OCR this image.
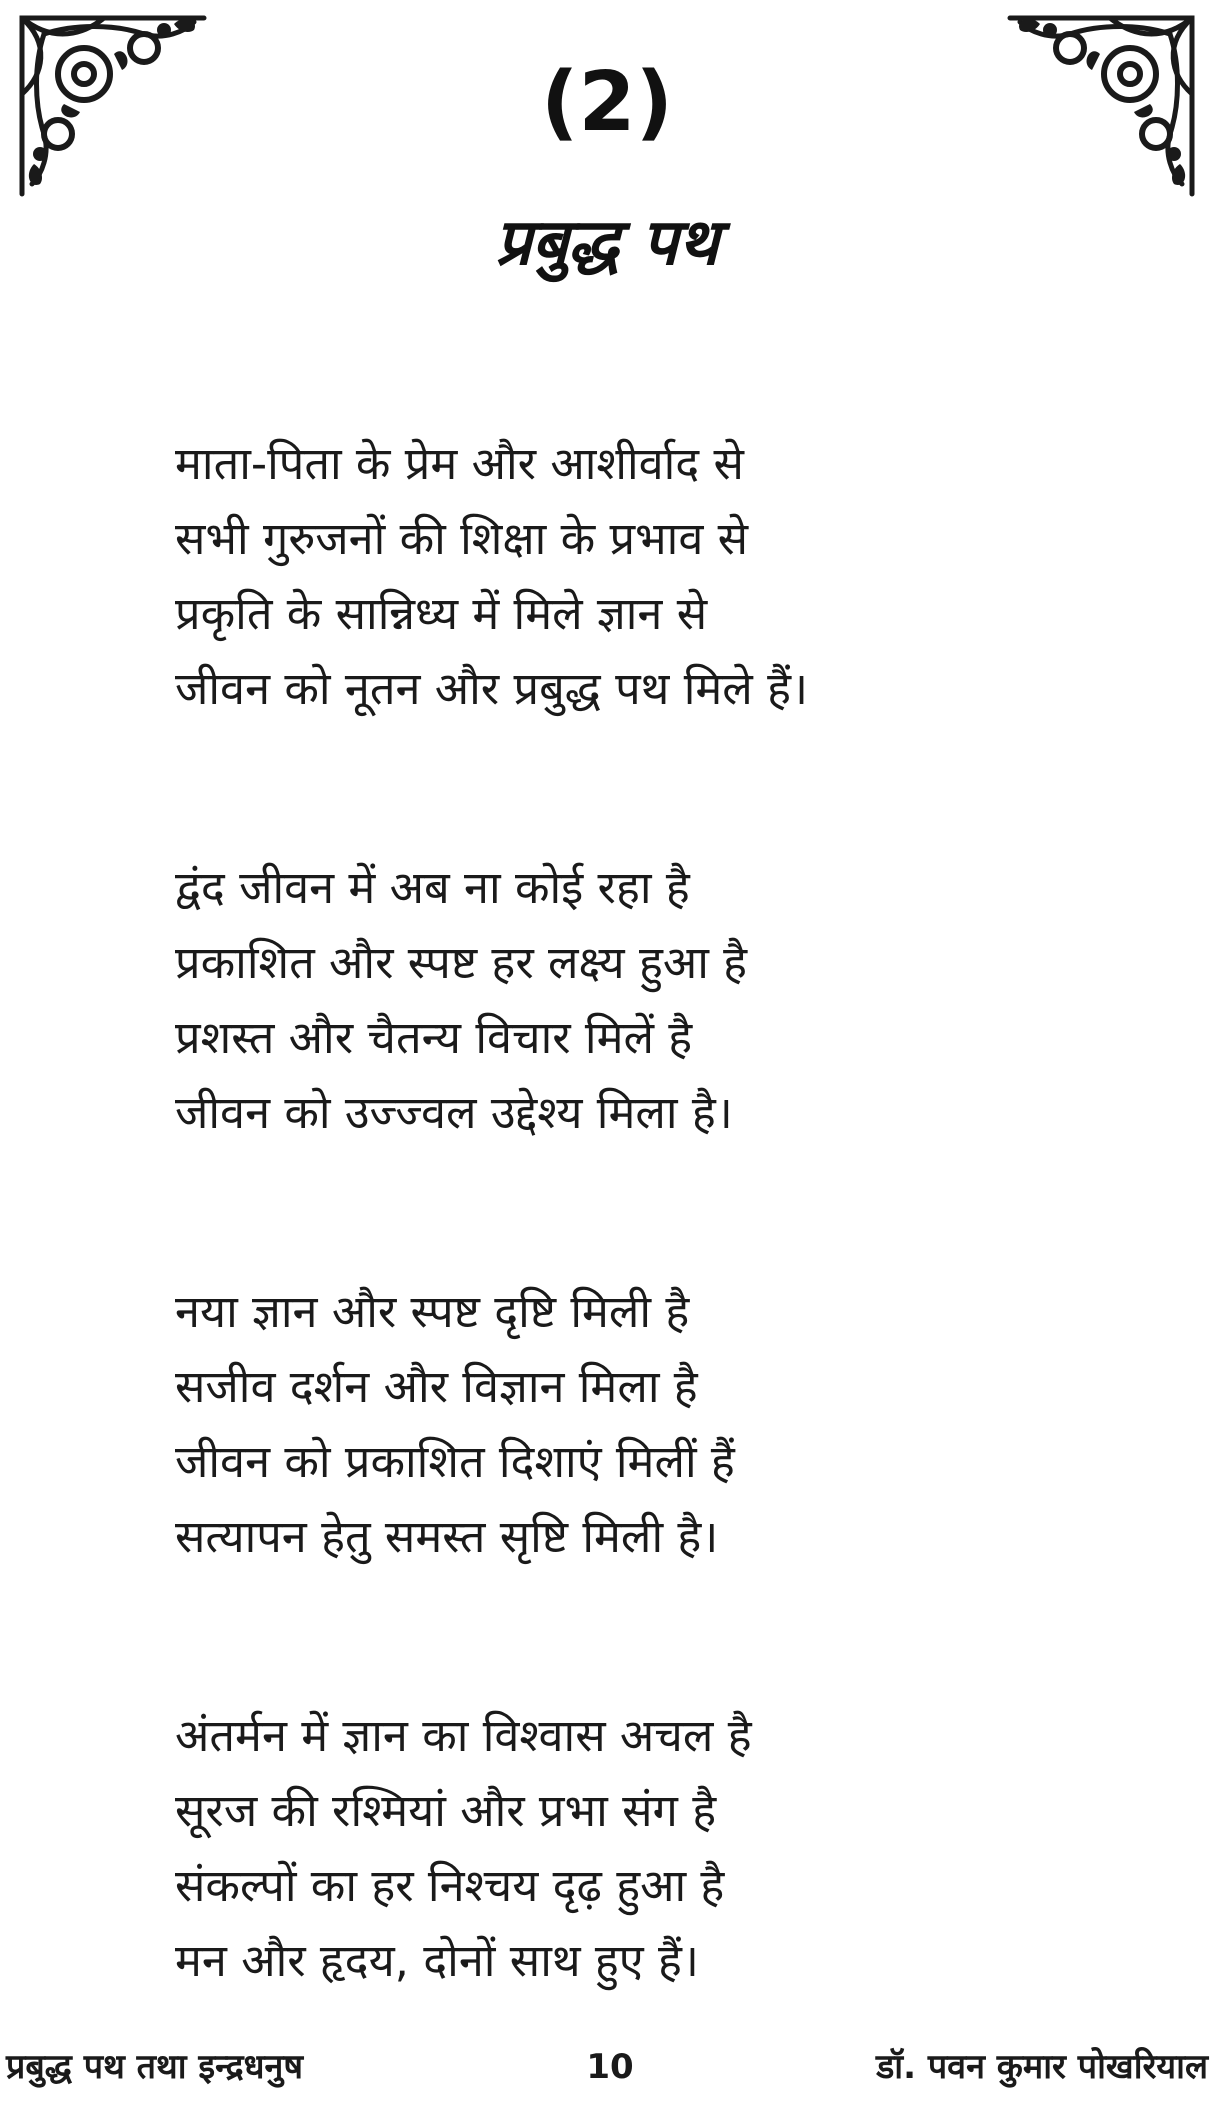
(2)
प्रबुद्ध पथ
माता-पिता के प्रेम और आशीर्वाद से
सभी गुरुजनों की शिक्षा के प्रभाव से
प्रकृति के सान्निध्य में मिले ज्ञान से
जीवन को नूतन और प्रबुद्ध पथ मिले हैं।
द्वंद जीवन में अब ना कोई रहा है
प्रकाशित और स्पष्ट हर लक्ष्य हुआ है
प्रशस्त और चैतन्य विचार मिलें है
जीवन को उज्ज्वल उद्देश्य मिला है।
नया ज्ञान और स्पष्ट दृष्टि मिली है
सजीव दर्शन और विज्ञान मिला है
जीवन को प्रकाशित दिशाएं मिलीं हैं
सत्यापन हेतु समस्त सृष्टि मिली है।
अंतर्मन में ज्ञान का विश्वास अचल है
सूरज की रश्मियां और प्रभा संग है
संकल्पों का हर निश्चय दृढ़ हुआ है
मन और हृदय, दोनों साथ हुए हैं।
प्रबुद्ध पथ तथा इन्द्रधनुष	10	डॉ. पवन कुमार पोखरियाल
